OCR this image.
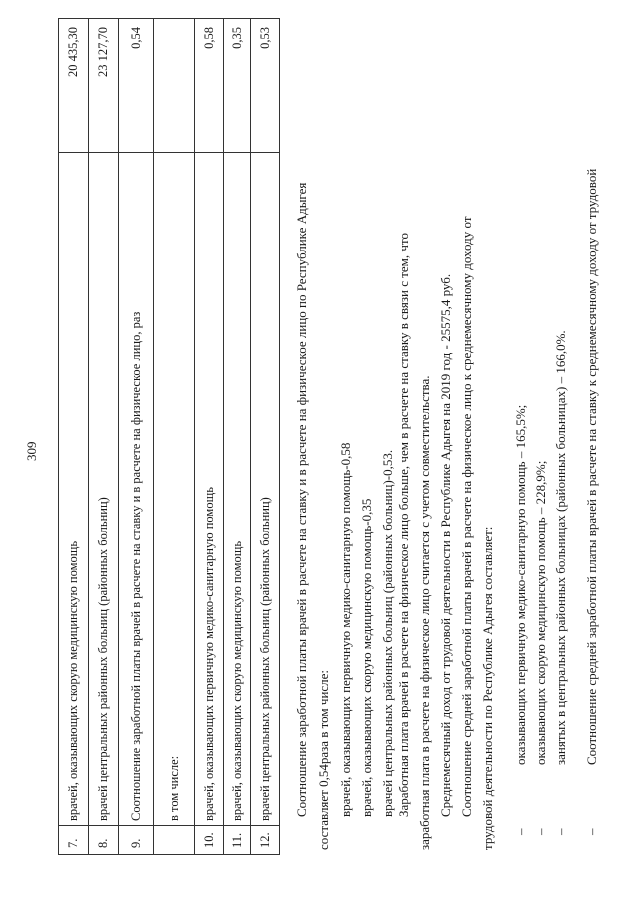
309
7.
врачей, оказывающих скорую медицинскую помощь
20 435,30
8.
врачей центральных районных больниц (районных больниц)
23 127,70
9.
Соотношение заработной платы врачей в расчете на ставку и в расчете на физическое лицо, раз
0,54
в том числе:
10.
врачей, оказывающих первичную медико-санитарную помощь
0,58
11.
врачей, оказывающих скорую медицинскую помощь
0,35
12.
врачей центральных районных больниц (районных больниц)
0,53
Соотношение заработной платы врачей в расчете на ставку и в расчете на физическое лицо по Республике Адыгея составляет 0,54раза в том числе: врачей, оказывающих первичную медико-санитарную помощь-0,58 врачей, оказывающих скорую медицинскую помощь-0,35 врачей центральных районных больниц (районных больниц)-0,53. Заработная плата врачей в расчете на физическое лицо больше, чем в расчете на ставку в связи с тем, что заработная плата в расчете на физическое лицо считается с учетом совместительства. Среднемесячный доход от трудовой деятельности в Республике Адыгея на 2019 год - 25575,4 руб. Соотношение средней заработной платы врачей в расчете на физическое лицо к среднемесячному доходу от трудовой деятельности по Республике Адыгея составляет: –
оказывающих первичную медико-санитарную помощь – 165,5%;
–
оказывающих скорую медицинскую помощь – 228,9%;
–
занятых в центральных районных больницах (районных больницах) – 166,0%.
–
Соотношение средней заработной платы врачей в расчете на ставку к среднемесячному доходу от трудовой
